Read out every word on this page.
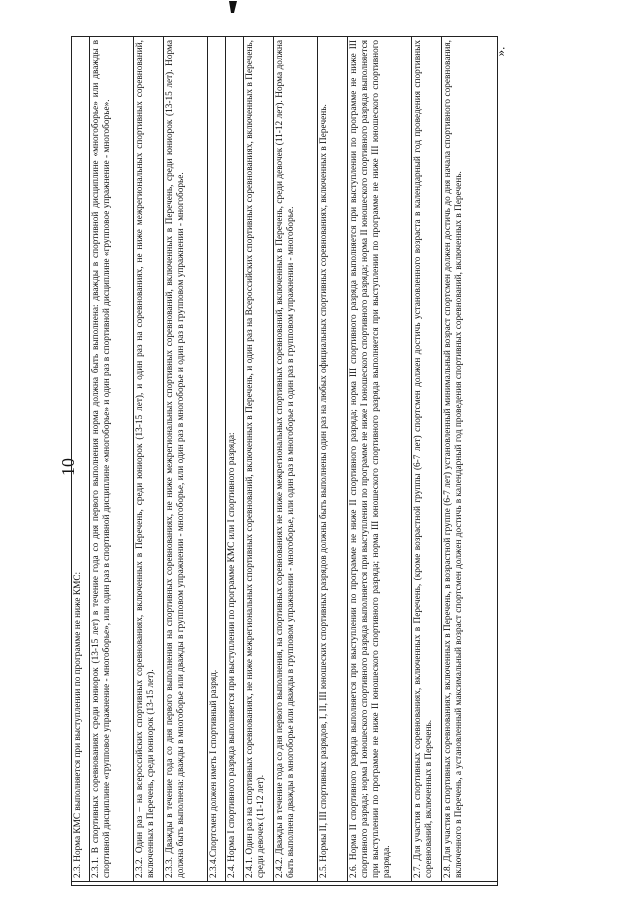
10
».
	2.3. Норма КМС выполняется при выступлении по программе не ниже КМС:
2.3.1. В спортивных соревнованиях среди юниорок (13-15 лет) в течение года со дня первого выполнения норма должна быть выполнена: дважды в спортивной дисциплине «многоборье» или дважды в спортивной дисциплине «групповое упражнение - многоборье», или один раз в спортивной дисциплине «многоборье» и один раз в спортивной дисциплине «групповое упражнение - многоборье».
2.3.2. Один раз – на всероссийских спортивных соревнованиях, включенных в Перечень, среди юниорок (13-15 лет), и один раз на соревнованиях, не ниже межрегиональных спортивных соревнований, включенных в Перечень, среди юниорок (13-15 лет).
2.3.3. Дважды в течение года со дня первого выполнения на спортивных соревнованиях, не ниже межрегиональных спортивных соревнований, включенных в Перечень, среди юниорок (13-15 лет). Норма должна быть выполнена: дважды в многоборье или дважды в групповом упражнении - многоборье, или один раз в многоборье и один раз в групповом упражнении - многоборье.
2.3.4.Спортсмен должен иметь I спортивный разряд.
2.4. Норма I спортивного разряда выполняется при выступлении по программе КМС или I спортивного разряда:
2.4.1. Один раз на спортивных соревнованиях, не ниже межрегиональных спортивных соревнований, включенных в Перечень, и один раз на Всероссийских спортивных соревнованиях, включенных в Перечень, среди девочек (11-12 лет).
2.4.2. Дважды в течение года со дня первого выполнения, на спортивных соревнованиях не ниже межрегиональных спортивных соревнований, включенных в Перечень, среди девочек (11-12 лет). Норма должна быть выполнена дважды в многоборье или дважды в групповом упражнении - многоборье, или один раз в многоборье и один раз в групповом упражнении - многоборье.
2.5. Нормы II, III спортивных разрядов, I, II, III юношеских спортивных разрядов должны быть выполнены один раз на любых официальных спортивных соревнованиях, включенных в Перечень.
2.6. Норма II спортивного разряда выполняется при выступлении по программе не ниже II спортивного разряда; норма III спортивного разряда выполняется при выступлении по программе не ниже III спортивного разряда; норма I юношеского спортивного разряда выполняется при выступлении по программе не ниже I юношеского спортивного разряда; норма II юношеского спортивного разряда выполняется при выступлении по программе не ниже II юношеского спортивного разряда; норма III юношеского спортивного разряда выполняется при выступлении по программе не ниже III юношеского спортивного разряда.
2.7. Для участия в спортивных соревнованиях, включенных в Перечень, (кроме возрастной группы (6-7 лет) спортсмен должен достичь установленного возраста в календарный год проведения спортивных соревнований, включенных в Перечень.
2.8. Для участия в спортивных соревнованиях, включенных в Перечень, в возрастной группе (6-7 лет) установленный минимальный возраст спортсмен должен достичь до дня начала спортивного соревнования, включенного в Перечень, а установленный максимальный возраст спортсмен должен достичь в календарный год проведения спортивных соревнований, включенных в Перечень.
